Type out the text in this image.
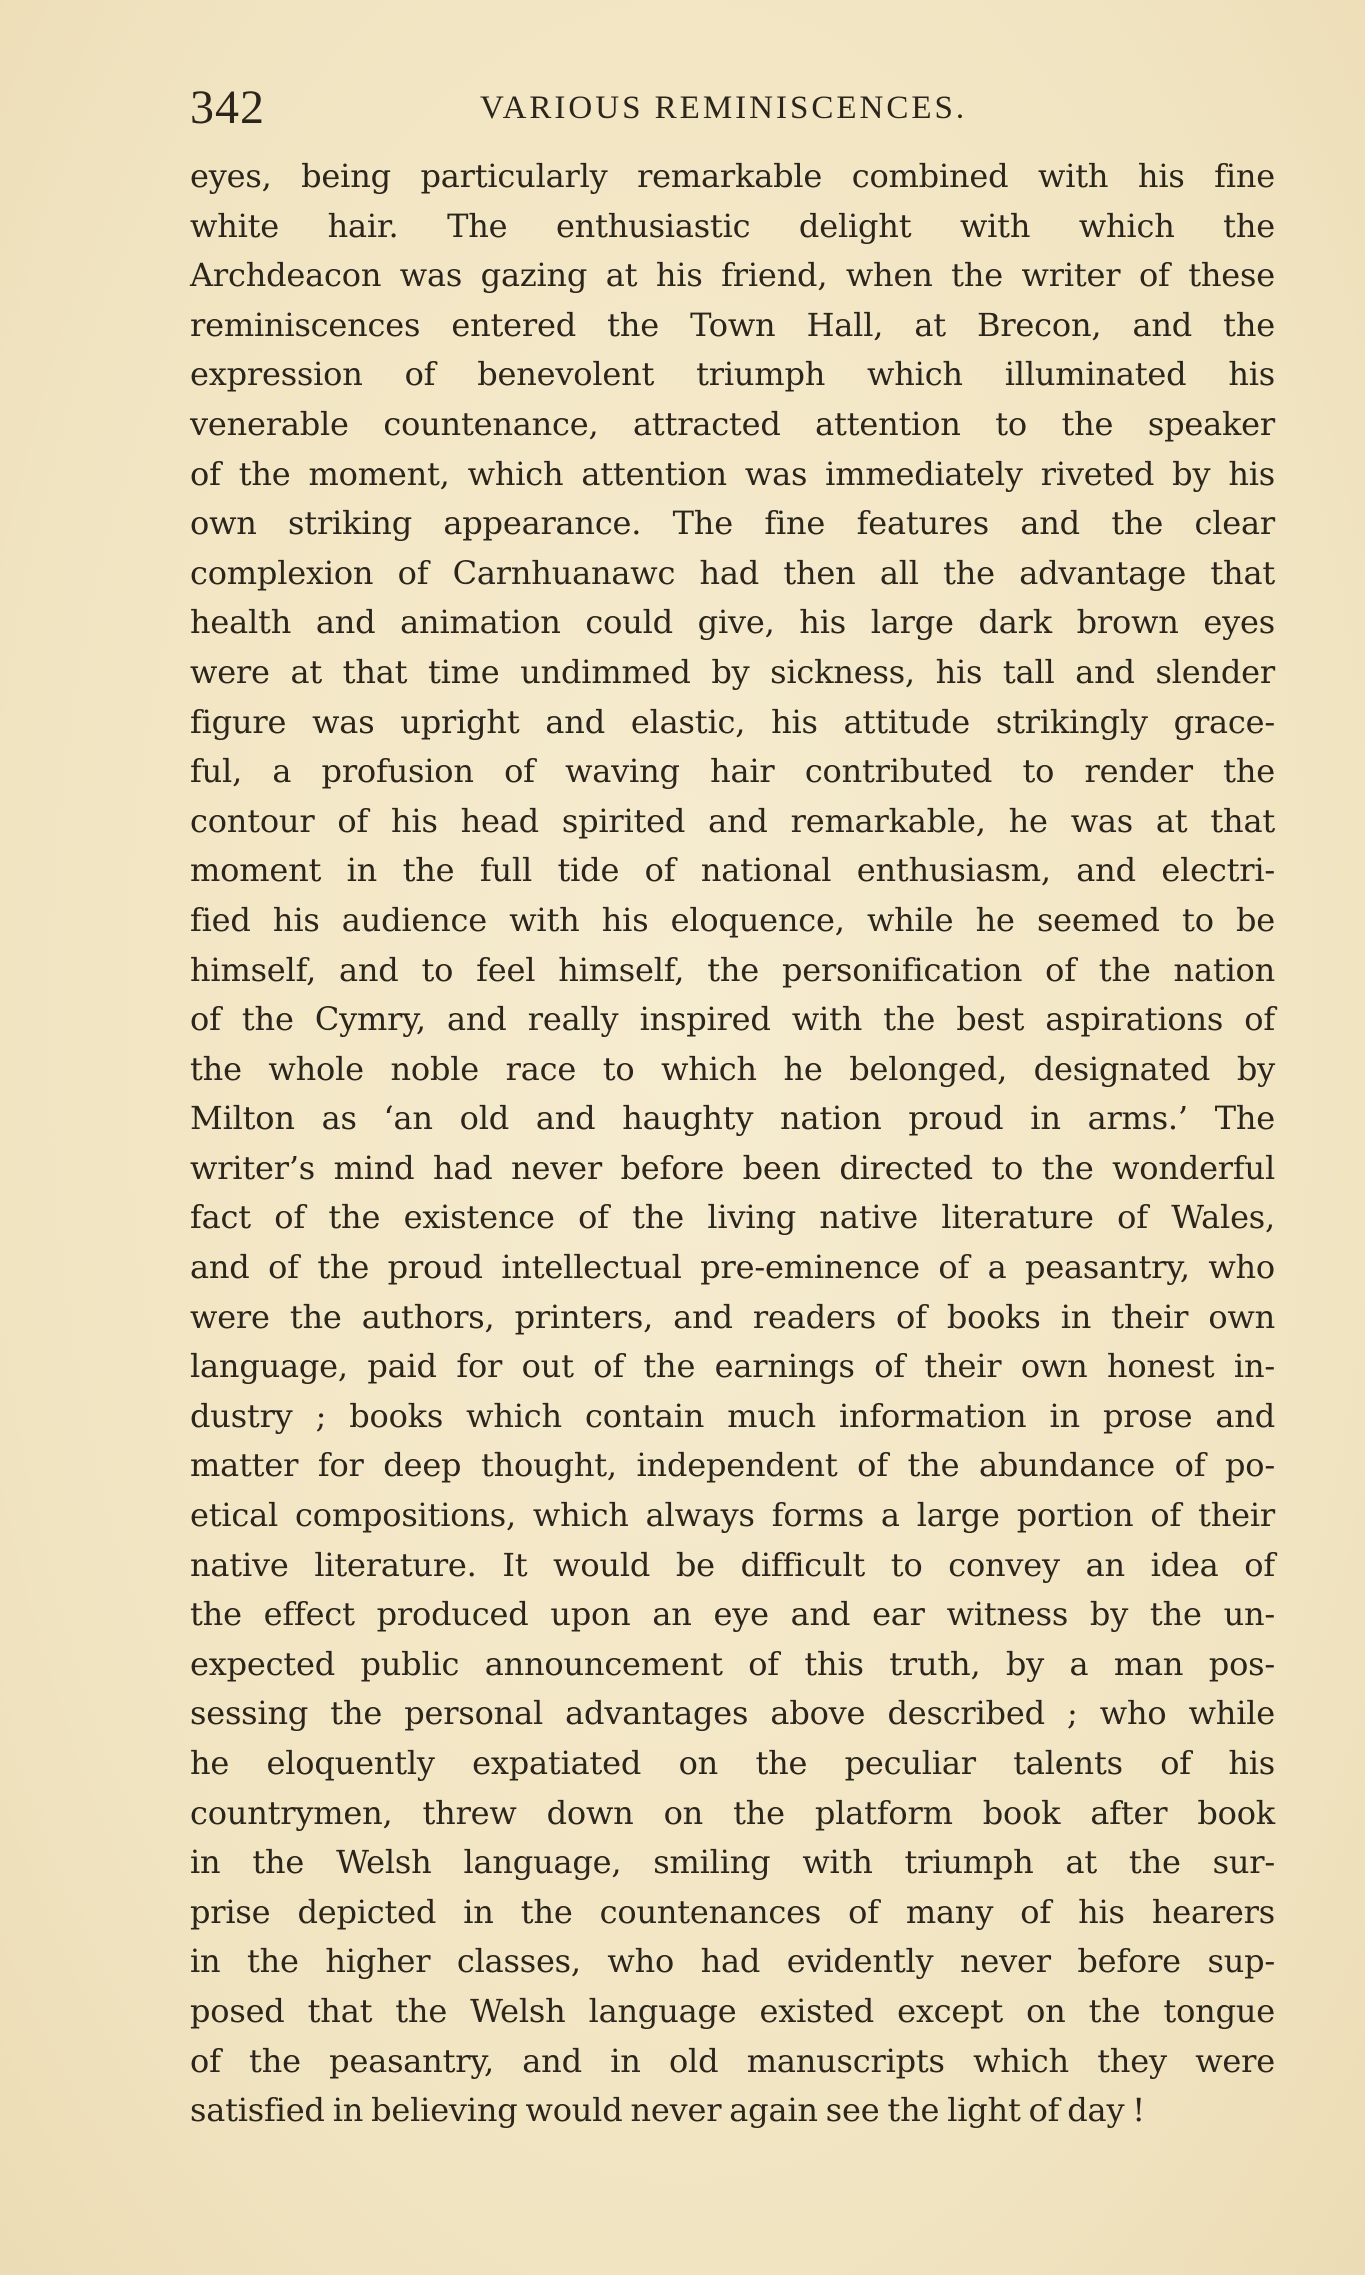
342	VARIOUS REMINISCENCES.
eyes, being particularly remarkable combined with his fine
white hair. The enthusiastic delight with which the
Archdeacon was gazing at his friend, when the writer of these
reminiscences entered the Town Hall, at Brecon, and the
expression of benevolent triumph which illuminated his
venerable countenance, attracted attention to the speaker
of the moment, which attention was immediately riveted by his
own striking appearance. The fine features and the clear
complexion of Carnhuanawc had then all the advantage that
health and animation could give, his large dark brown eyes
were at that time undimmed by sickness, his tall and slender
figure was upright and elastic, his attitude strikingly grace-
ful, a profusion of waving hair contributed to render the
contour of his head spirited and remarkable, he was at that
moment in the full tide of national enthusiasm, and electri-
fied his audience with his eloquence, while he seemed to be
himself, and to feel himself, the personification of the nation
of the Cymry, and really inspired with the best aspirations of
the whole noble race to which he belonged, designated by
Milton as ‘an old and haughty nation proud in arms.’ The
writer’s mind had never before been directed to the wonderful
fact of the existence of the living native literature of Wales,
and of the proud intellectual pre-eminence of a peasantry, who
were the authors, printers, and readers of books in their own
language, paid for out of the earnings of their own honest in-
dustry ; books which contain much information in prose and
matter for deep thought, independent of the abundance of po-
etical compositions, which always forms a large portion of their
native literature. It would be difficult to convey an idea of
the effect produced upon an eye and ear witness by the un-
expected public announcement of this truth, by a man pos-
sessing the personal advantages above described ; who while
he eloquently expatiated on the peculiar talents of his
countrymen, threw down on the platform book after book
in the Welsh language, smiling with triumph at the sur-
prise depicted in the countenances of many of his hearers
in the higher classes, who had evidently never before sup-
posed that the Welsh language existed except on the tongue
of the peasantry, and in old manuscripts which they were
satisfied in believing would never again see the light of day !
